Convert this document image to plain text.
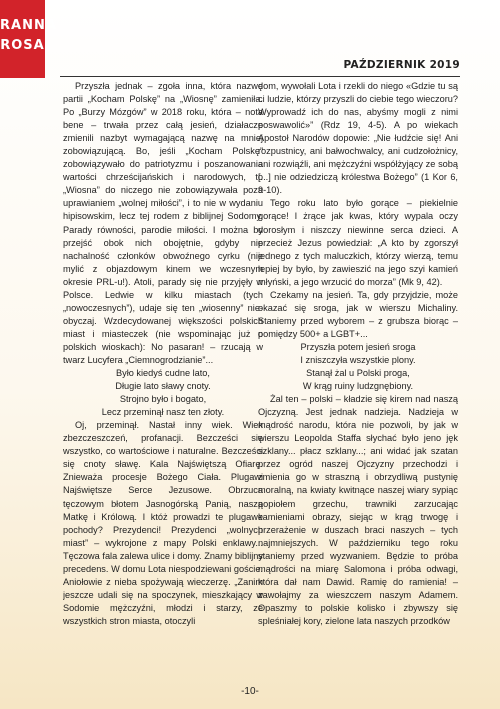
RANNA
ROSA
PAŹDZIERNIK 2019

Przyszła jednak – zgoła inna, która nazwę partii „Kocham Polskę” na „Wiosnę” zamieniła. Po „Burzy Mózgów” w 2018 roku, która – nota bene – trwała przez całą jesień, działacze zmienili nazbyt wymagającą nazwę na mniej zobowiązującą. Bo, jeśli „Kocham Polskę” zobowiązywało do patriotyzmu i poszanowania wartości chrześcijańskich i narodowych, to „Wiosna” do niczego nie zobowiązywała poza uprawianiem „wolnej miłości”, i to nie w wydaniu hipisowskim, lecz tej rodem z biblijnej Sodomy. Parady równości, parodie miłości. I można by przejść obok nich obojętnie, gdyby nie nachalność członków obwoźnego cyrku (nie mylić z objazdowym kinem we wczesnym okresie PRL-u!). Atoli, parady się nie przyjęły w Polsce. Ledwie w kilku miastach (tych „nowoczesnych”), udaje się ten „wiosenny” nie-obyczaj. Wzdecydowanej większości polskich miast i miasteczek (nie wspominając już o polskich wioskach): No pasaran! – rzucają w twarz Lucyfera „Ciemnogrodzianie”...

Było kiedyś cudne lato,

Długie lato sławy cnoty.

Strojno było i bogato,

Lecz przeminął nasz ten złoty.

Oj, przeminął. Nastał inny wiek. Wiek zbezczeszczeń, profanacji. Bezcześci się wszystko, co wartościowe i naturalne. Bezcześci się cnoty sławę. Kala Najświętszą Ofiarę. Znieważa procesje Bożego Ciała. Plugawi Najświętsze Serce Jezusowe. Obrzuca tęczowym błotem Jasnogórską Panią, naszą Matkę i Królową. I któż prowadzi te plugawe pochody? Prezydenci! Prezydenci „wolnych miast” – wykrojone z mapy Polski enklawy... Tęczowa fala zalewa ulice i domy. Znamy biblijny precedens. W domu Lota niespodziewani goście. Aniołowie z nieba spożywają wieczerzę. „Zanim jeszcze udali się na spoczynek, mieszkający w Sodomie mężczyźni, młodzi i starzy, ze wszystkich stron miasta, otoczyli

dom, wywołali Lota i rzekli do niego «Gdzie tu są ci ludzie, którzy przyszli do ciebie tego wieczoru? Wyprowadź ich do nas, abyśmy mogli z nimi poswawolić»” (Rdz 19, 4-5). A po wiekach Apostoł Narodów dopowie: „Nie łudźcie się! Ani rozpustnicy, ani bałwochwalcy, ani cudzołożnicy, ani rozwiąźli, ani mężczyźni współżyjący ze sobą [...] nie odziedziczą królestwa Bożego” (1 Kor 6, 9-10).

Tego roku lato było gorące – piekielnie gorące! I żrące jak kwas, który wypala oczy dorosłym i niszczy niewinne serca dzieci. A przecież Jezus powiedział: „A kto by zgorszył jednego z tych maluczkich, którzy wierzą, temu lepiej by było, by zawieszić na jego szyi kamień młyński, a jego wrzucić do morza” (Mk 9, 42).

Czekamy na jesień. Ta, gdy przyjdzie, może okazać się sroga, jak w wierszu Michaliny. Staniemy przed wyborem – z grubsza biorąc – pomiędzy 500+ a LGBT+...

Przyszła potem jesień sroga

I zniszczyła wszystkie plony.

Stanął żal u Polski proga,

W krąg ruiny ludzgnębiony.

Żal ten – polski – kładzie się kirem nad naszą Ojczyzną. Jest jednak nadzieja. Nadzieja w mądrość narodu, która nie pozwoli, by jak w wierszu Leopolda Staffa słychać było jeno jęk szklany... płacz szklany...; ani widać jak szatan przez ogród naszej Ojczyzny przechodzi i zmienia go w straszną i obrzydliwą pustynię moralną, na kwiaty kwitnące naszej wiary sypiąc popiołem grzechu, trawniki zarzucając kamieniami obrazy, siejąc w krąg trwogę i przerażenie w duszach braci naszych – tych najmniejszych. W październiku tego roku staniemy przed wyzwaniem. Będzie to próba mądrości na miarę Salomona i próba odwagi, która dał nam Dawid. Ramię do ramienia! – zawołajmy za wieszczem naszym Adamem. Opaszmy to polskie kolisko i zbywszy się spleśniałej kory, zielone lata naszych przodków

-10-
